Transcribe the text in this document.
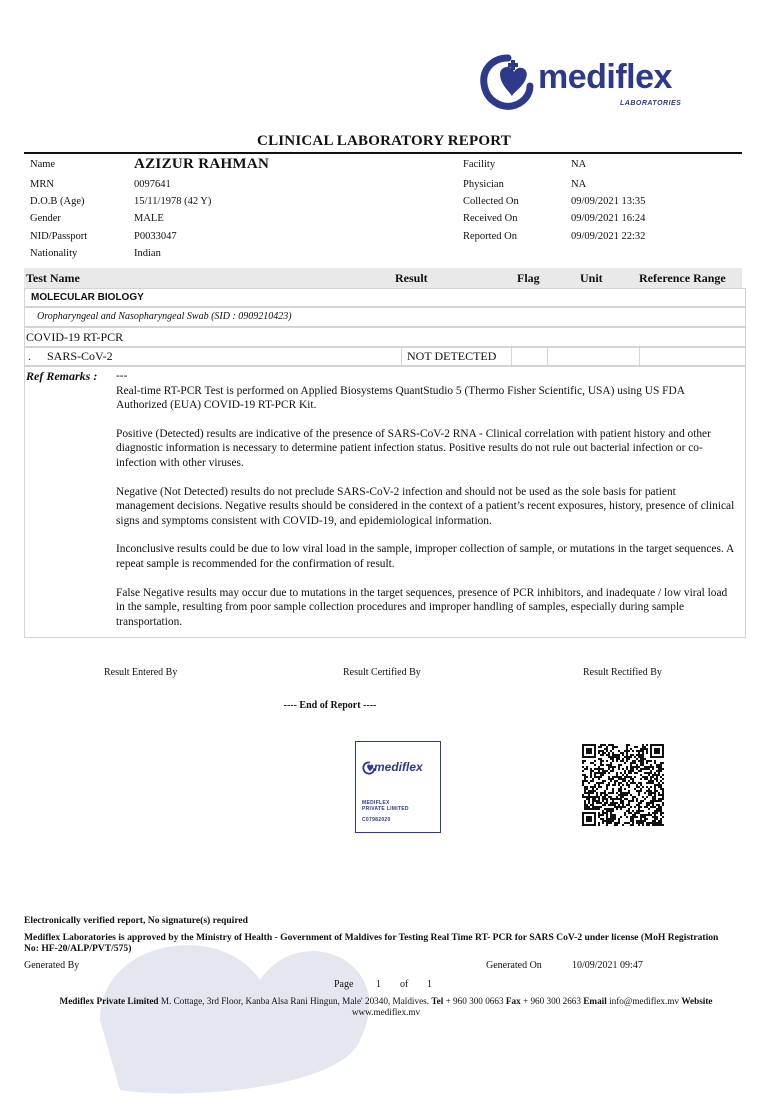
mediflex
LABORATORIES
CLINICAL LABORATORY REPORT
Name	AZIZUR RAHMAN
MRN	0097641
D.O.B (Age)	15/11/1978 (42 Y)
Gender	MALE
NID/Passport	P0033047
Nationality	Indian
Facility	NA
Physician	NA
Collected On	09/09/2021 13:35
Received On	09/09/2021 16:24
Reported On	09/09/2021 22:32
Test Name	Result	Flag	Unit	Reference Range
MOLECULAR BIOLOGY
Oropharyngeal and Nasopharyngeal Swab (SID : 0909210423)
COVID-19 RT-PCR
. SARS-CoV-2	NOT DETECTED
Ref Remarks : ---

Real-time RT-PCR Test is performed on Applied Biosystems QuantStudio 5 (Thermo Fisher Scientific, USA) using US FDA Authorized (EUA) COVID-19 RT-PCR Kit.

Positive (Detected) results are indicative of the presence of SARS-CoV-2 RNA - Clinical correlation with patient history and other diagnostic information is necessary to determine patient infection status. Positive results do not rule out bacterial infection or co-infection with other viruses.

Negative (Not Detected) results do not preclude SARS-CoV-2 infection and should not be used as the sole basis for patient management decisions. Negative results should be considered in the context of a patient’s recent exposures, history, presence of clinical signs and symptoms consistent with COVID-19, and epidemiological information.

Inconclusive results could be due to low viral load in the sample, improper collection of sample, or mutations in the target sequences. A repeat sample is recommended for the confirmation of result.

False Negative results may occur due to mutations in the target sequences, presence of PCR inhibitors, and inadequate / low viral load in the sample, resulting from poor sample collection procedures and improper handling of samples, especially during sample transportation.

Result Entered By	Result Certified By	Result Rectified By
---- End of Report ----
mediflex
MEDIFLEX
PRIVATE LIMITED
C07982020
Electronically verified report, No signature(s) required
Mediflex Laboratories is approved by the Ministry of Health - Government of Maldives for Testing Real Time RT- PCR for SARS CoV-2 under license (MoH Registration No: HF-20/ALP/PVT/575)
Generated By	Generated On	10/09/2021 09:47
Page 1 of 1
Mediflex Private Limited M. Cottage, 3rd Floor, Kanba Alsa Rani Hingun, Male' 20340, Maldives. Tel + 960 300 0663 Fax + 960 300 2663 Email info@mediflex.mv Website
www.mediflex.mv
